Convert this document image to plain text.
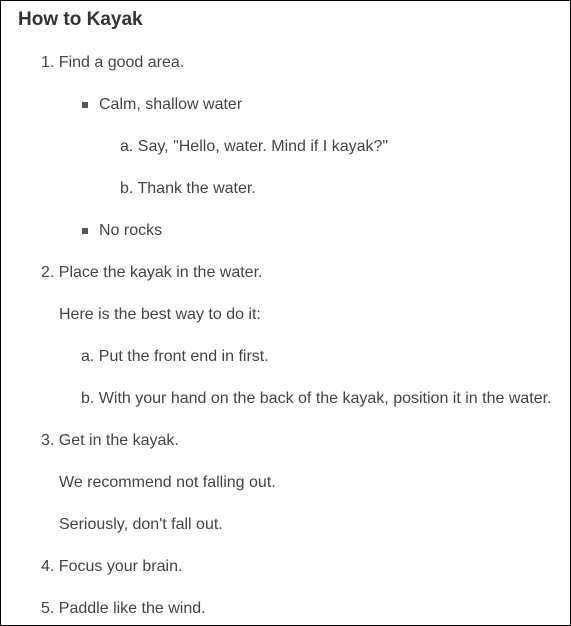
How to Kayak
1. Find a good area.
Calm, shallow water
a. Say, "Hello, water. Mind if I kayak?"
b. Thank the water.
No rocks
2. Place the kayak in the water.
Here is the best way to do it:
a. Put the front end in first.
b. With your hand on the back of the kayak, position it in the water.
3. Get in the kayak.
We recommend not falling out.
Seriously, don't fall out.
4. Focus your brain.
5. Paddle like the wind.
